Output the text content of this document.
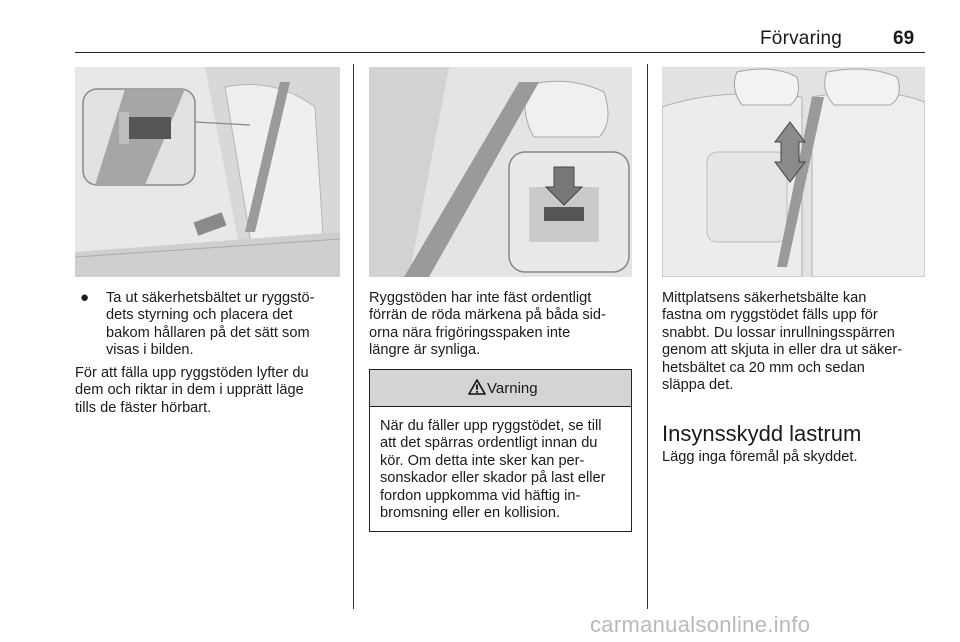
Förvaring	69
● Ta ut säkerhetsbältet ur ryggstö-
dets styrning och placera det
bakom hållaren på det sätt som
visas i bilden.
För att fälla upp ryggstöden lyfter du
dem och riktar in dem i upprätt läge
tills de fäster hörbart.
Ryggstöden har inte fäst ordentligt
förrän de röda märkena på båda sid-
orna nära frigöringsspaken inte
längre är synliga.
Varning
När du fäller upp ryggstödet, se till
att det spärras ordentligt innan du
kör. Om detta inte sker kan per-
sonskador eller skador på last eller
fordon uppkomma vid häftig in-
bromsning eller en kollision.
Mittplatsens säkerhetsbälte kan
fastna om ryggstödet fälls upp för
snabbt. Du lossar inrullningsspärren
genom att skjuta in eller dra ut säker-
hetsbältet ca 20 mm och sedan
släppa det.
Insynsskydd lastrum
Lägg inga föremål på skyddet.
carmanualsonline.info
